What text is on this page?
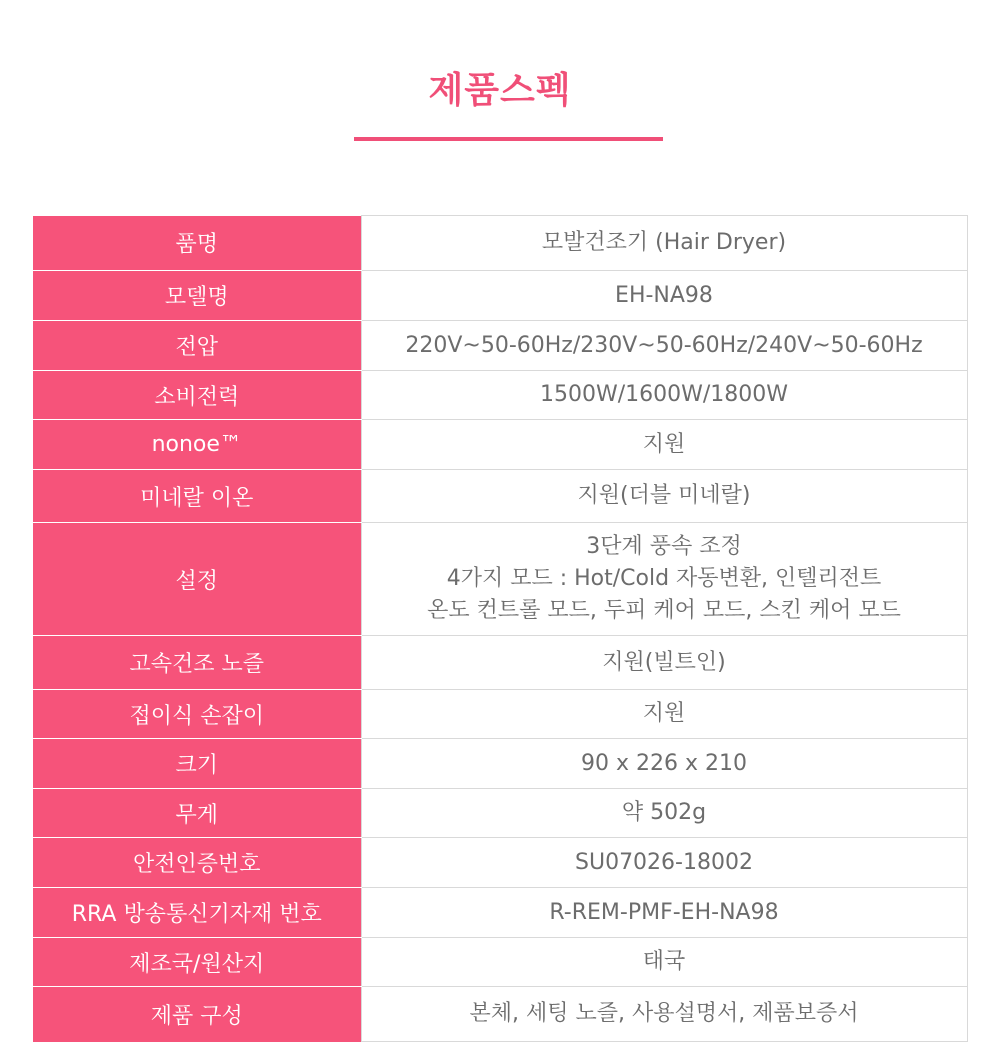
제품스펙
품명	모발건조기 (Hair Dryer)

모델명	EH-NA98

전압	220V~50-60Hz/230V~50-60Hz/240V~50-60Hz

소비전력	1500W/1600W/1800W

nonoe™	지원

미네랄 이온	지원(더블 미네랄)

설정	3단계 풍속 조정
4가지 모드 : Hot/Cold 자동변환, 인텔리전트
온도 컨트롤 모드, 두피 케어 모드, 스킨 케어 모드

고속건조 노즐	지원(빌트인)

접이식 손잡이	지원

크기	90 x 226 x 210

무게	약 502g

안전인증번호	SU07026-18002

RRA 방송통신기자재 번호	R-REM-PMF-EH-NA98

제조국/원산지	태국

제품 구성	본체, 세팅 노즐, 사용설명서, 제품보증서
